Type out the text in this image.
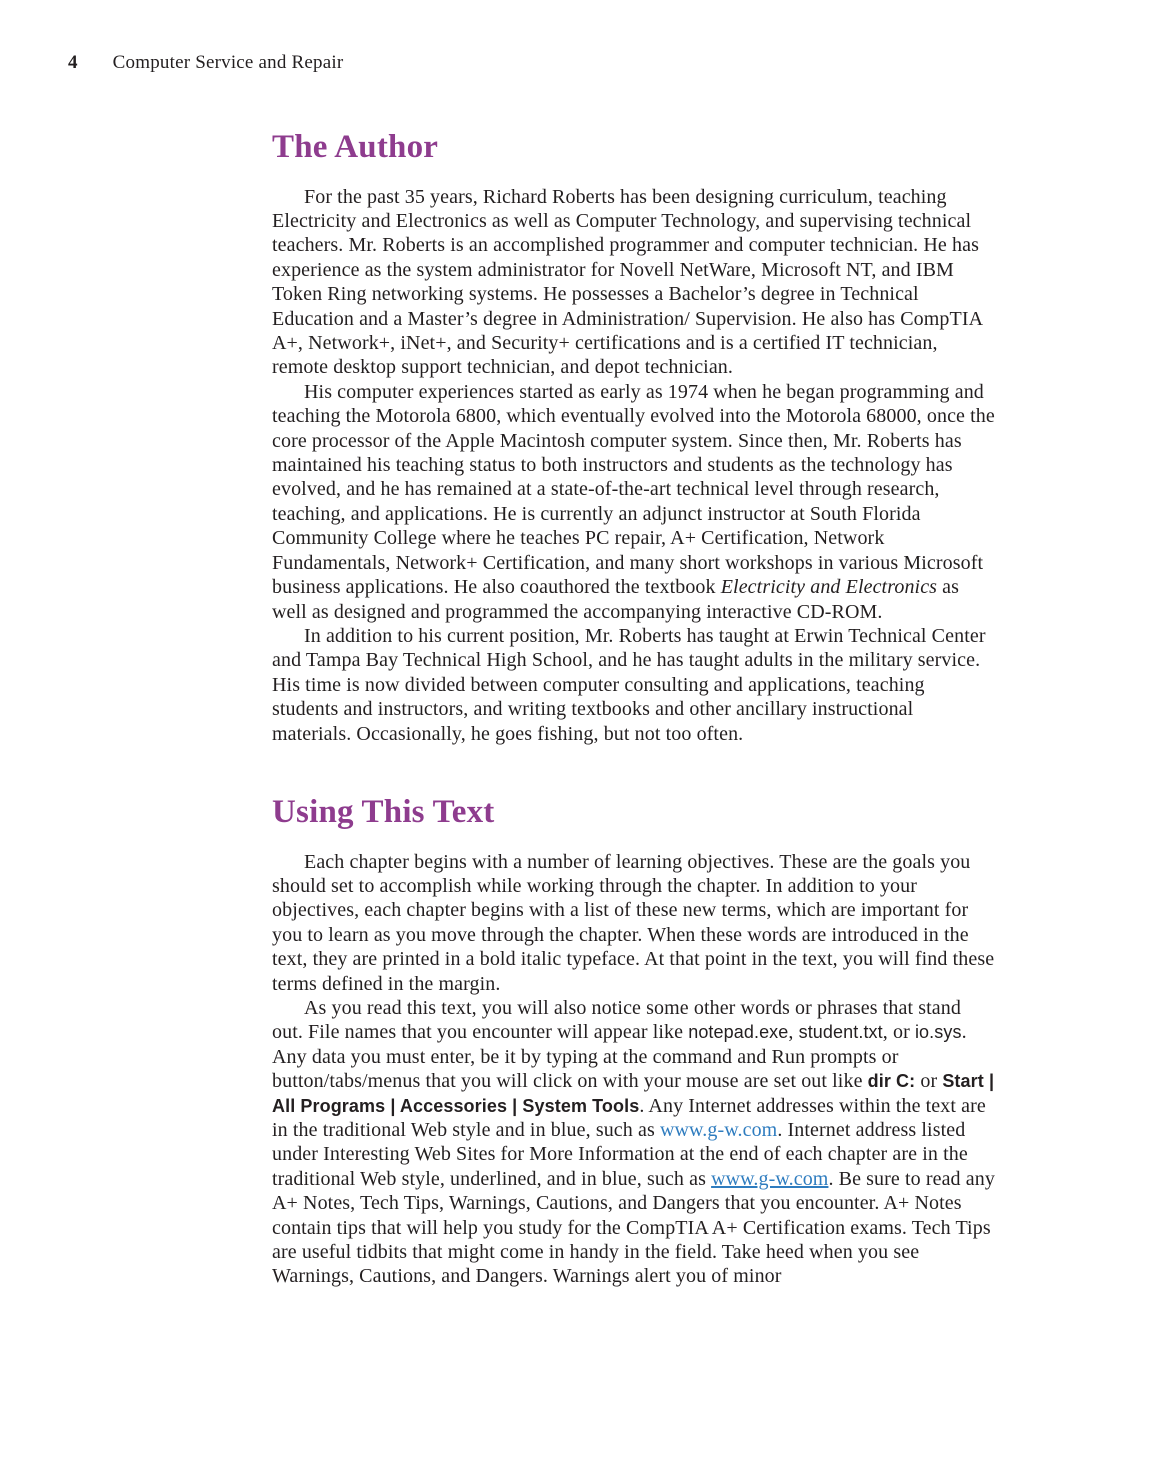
4 Computer Service and Repair
The Author

For the past 35 years, Richard Roberts has been designing curriculum, teaching Electricity and Electronics as well as Computer Technology, and supervising technical teachers. Mr. Roberts is an accomplished programmer and computer technician. He has experience as the system administrator for Novell NetWare, Microsoft NT, and IBM Token Ring networking systems. He possesses a Bachelor’s degree in Technical Education and a Master’s degree in Administration/ Supervision. He also has CompTIA A+, Network+, iNet+, and Security+ certifications and is a certified IT technician, remote desktop support technician, and depot technician.

His computer experiences started as early as 1974 when he began programming and teaching the Motorola 6800, which eventually evolved into the Motorola 68000, once the core processor of the Apple Macintosh computer system. Since then, Mr. Roberts has maintained his teaching status to both instructors and students as the technology has evolved, and he has remained at a state-of-the-art technical level through research, teaching, and applications. He is currently an adjunct instructor at South Florida Community College where he teaches PC repair, A+ Certification, Network Fundamentals, Network+ Certification, and many short workshops in various Microsoft business applications. He also coauthored the textbook Electricity and Electronics as well as designed and programmed the accompanying interactive CD-ROM.

In addition to his current position, Mr. Roberts has taught at Erwin Technical Center and Tampa Bay Technical High School, and he has taught adults in the military service. His time is now divided between computer consulting and applications, teaching students and instructors, and writing textbooks and other ancillary instructional materials. Occasionally, he goes fishing, but not too often.

Using This Text

Each chapter begins with a number of learning objectives. These are the goals you should set to accomplish while working through the chapter. In addition to your objectives, each chapter begins with a list of these new terms, which are important for you to learn as you move through the chapter. When these words are introduced in the text, they are printed in a bold italic typeface. At that point in the text, you will find these terms defined in the margin.

As you read this text, you will also notice some other words or phrases that stand out. File names that you encounter will appear like notepad.exe, student.txt, or io.sys. Any data you must enter, be it by typing at the command and Run prompts or button/tabs/menus that you will click on with your mouse are set out like dir C: or Start | All Programs | Accessories | System Tools. Any Internet addresses within the text are in the traditional Web style and in blue, such as www.g-w.com. Internet address listed under Interesting Web Sites for More Information at the end of each chapter are in the traditional Web style, underlined, and in blue, such as www.g-w.com. Be sure to read any A+ Notes, Tech Tips, Warnings, Cautions, and Dangers that you encounter. A+ Notes contain tips that will help you study for the CompTIA A+ Certification exams. Tech Tips are useful tidbits that might come in handy in the field. Take heed when you see Warnings, Cautions, and Dangers. Warnings alert you of minor
